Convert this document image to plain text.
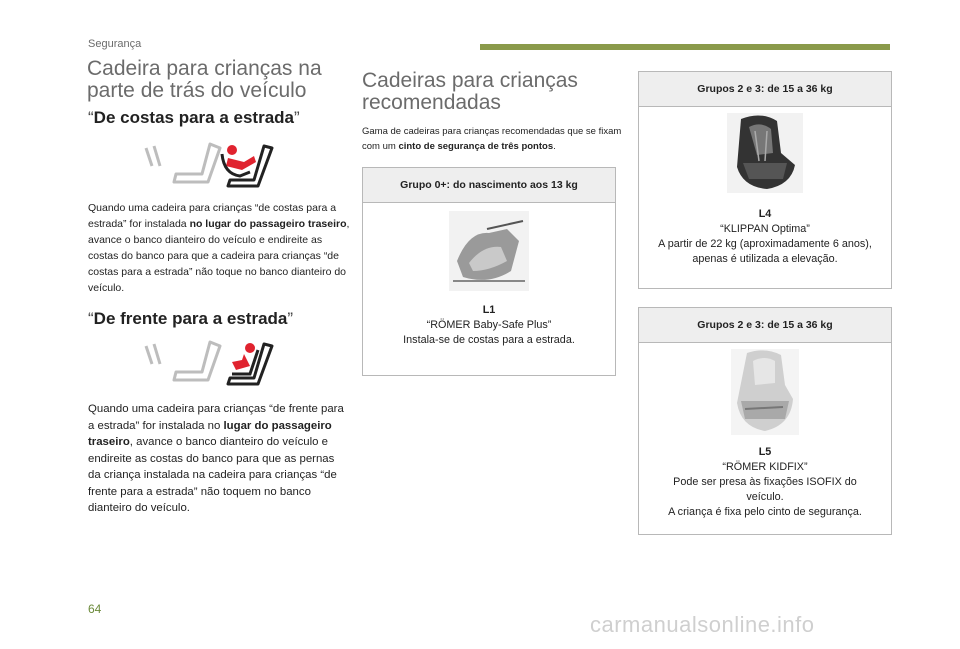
Segurança
Cadeira para crianças na parte de trás do veículo
“De costas para a estrada”
Quando uma cadeira para crianças “de costas para a estrada” for instalada no lugar do passageiro traseiro, avance o banco dianteiro do veículo e endireite as costas do banco para que a cadeira para crianças “de costas para a estrada” não toque no banco dianteiro do veículo.
“De frente para a estrada”
Quando uma cadeira para crianças “de frente para a estrada” for instalada no lugar do passageiro traseiro, avance o banco dianteiro do veículo e endireite as costas do banco para que as pernas da criança instalada na cadeira para crianças “de frente para a estrada” não toquem no banco dianteiro do veículo.
Cadeiras para crianças recomendadas
Gama de cadeiras para crianças recomendadas que se fixam com um cinto de segurança de três pontos.
Grupo 0+: do nascimento aos 13 kg
L1
“RÖMER Baby-Safe Plus”
Instala-se de costas para a estrada.
Grupos 2 e 3: de 15 a 36 kg
L4
“KLIPPAN Optima”
A partir de 22 kg (aproximadamente 6 anos),
apenas é utilizada a elevação.
Grupos 2 e 3: de 15 a 36 kg
L5
“RÖMER KIDFIX”
Pode ser presa às fixações ISOFIX do
veículo.
A criança é fixa pelo cinto de segurança.
64
carmanualsonline.info
